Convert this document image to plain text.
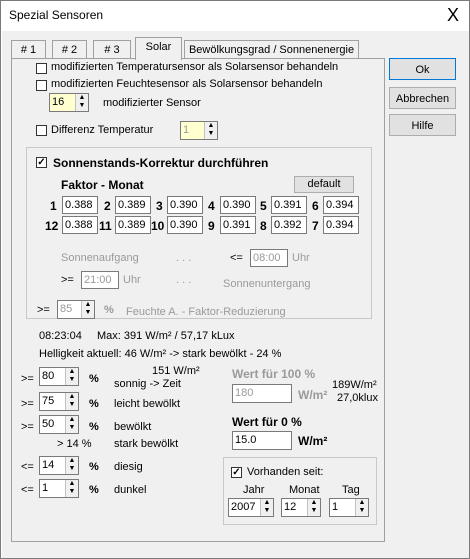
Spezial Sensoren	X
# 1	# 2	# 3	Solar	Bewölkungsgrad / Sonnenenergie
Ok
Abbrechen
Hilfe
modifizierten Temperatursensor als Solarsensor behandeln
modifizierten Feuchtesensor als Solarsensor behandeln
16	▲
▼ modifizierter Sensor
Differenz Temperatur	1	▲
▼
✓ Sonnenstands-Korrektur durchführen
Faktor - Monat	default
1 0.388 2 0.389 3 0.390 4 0.390 5 0.391 6 0.394
12 0.388 11 0.389 10 0.390 9 0.391 8 0.392 7 0.394
Sonnenaufgang	. . .	<= 08:00	Uhr
>= 21:00	Uhr	. . .	Sonnenuntergang
>= 85	▲
▼ % Feuchte A. - Faktor-Reduzierung
08:23:04 Max: 391 W/m² / 57,17 kLux
Helligkeit aktuell: 46 W/m² -> stark bewölkt - 24 %
151 W/m²
>= 80	▲
▼ % sonnig -> Zeit
>= 75	▲
▼ % leicht bewölkt
>= 50	▲
▼ % bewölkt
> 14 % stark bewölkt
<= 14	▲
▼ % diesig
<= 1	▲
▼ % dunkel
Wert für 100 %
180	W/m²
189W/m²
27,0klux
Wert für 0 %
15.0	W/m²
✓ Vorhanden seit:
Jahr Monat Tag
2007	▲
▼ 12	▲
▼ 1	▲
▼
